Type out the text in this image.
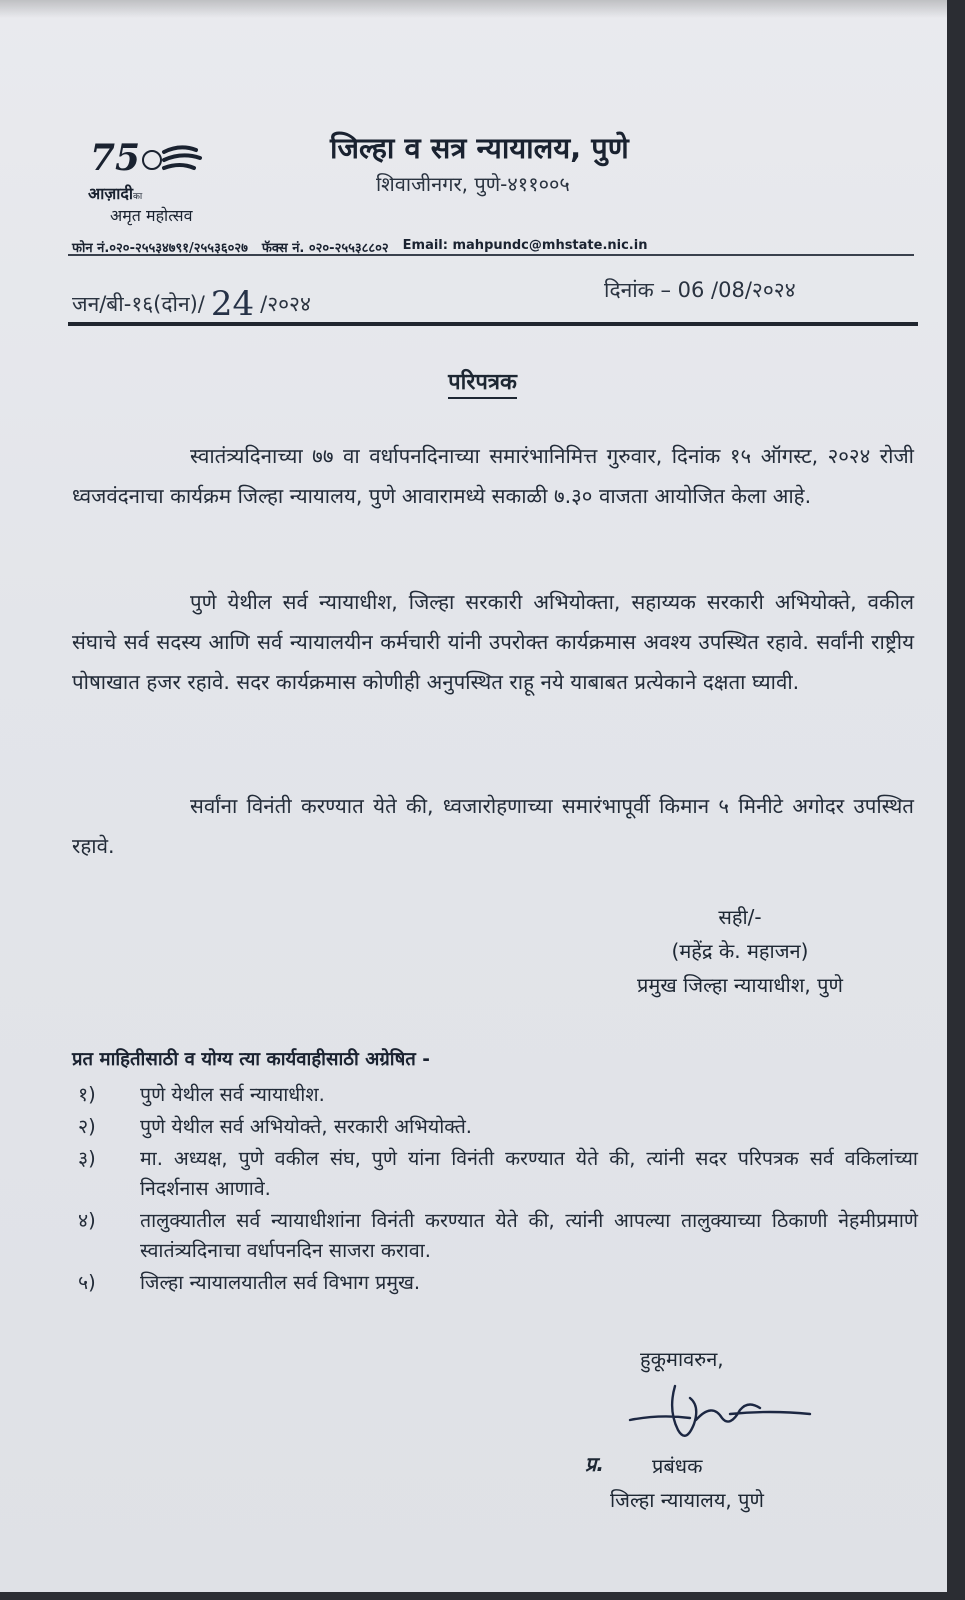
75
आज़ादीका
अमृत महोत्सव
जिल्हा व सत्र न्यायालय, पुणे
शिवाजीनगर, पुणे-४११००५
फोन नं.०२०-२५५३४७९१/२५५३६०२७ फॅक्स नं. ०२०-२५५३८८०२ Email: mahpundc@mhstate.nic.in
जन/बी-१६(दोन)/ 24 /२०२४
दिनांक – 06 /08/२०२४
परिपत्रक

स्वातंत्र्यदिनाच्या ७७ वा वर्धापनदिनाच्या समारंभानिमित्त गुरुवार, दिनांक १५ ऑगस्ट, २०२४ रोजी ध्वजवंदनाचा कार्यक्रम जिल्हा न्यायालय, पुणे आवारामध्ये सकाळी ७.३० वाजता आयोजित केला आहे.

पुणे येथील सर्व न्यायाधीश, जिल्हा सरकारी अभियोक्ता, सहाय्यक सरकारी अभियोक्ते, वकील संघाचे सर्व सदस्य आणि सर्व न्यायालयीन कर्मचारी यांनी उपरोक्त कार्यक्रमास अवश्य उपस्थित रहावे. सर्वांनी राष्ट्रीय पोषाखात हजर रहावे. सदर कार्यक्रमास कोणीही अनुपस्थित राहू नये याबाबत प्रत्येकाने दक्षता घ्यावी.

सर्वांना विनंती करण्यात येते की, ध्वजारोहणाच्या समारंभापूर्वी किमान ५ मिनीटे अगोदर उपस्थित रहावे.

सही/-
(महेंद्र के. महाजन)
प्रमुख जिल्हा न्यायाधीश, पुणे
प्रत माहितीसाठी व योग्य त्या कार्यवाहीसाठी अग्रेषित -
१)	पुणे येथील सर्व न्यायाधीश.
२)	पुणे येथील सर्व अभियोक्ते, सरकारी अभियोक्ते.
३)	मा. अध्यक्ष, पुणे वकील संघ, पुणे यांना विनंती करण्यात येते की, त्यांनी सदर परिपत्रक सर्व वकिलांच्या निदर्शनास आणावे.
४)	तालुक्यातील सर्व न्यायाधीशांना विनंती करण्यात येते की, त्यांनी आपल्या तालुक्याच्या ठिकाणी नेहमीप्रमाणे स्वातंत्र्यदिनाचा वर्धापनदिन साजरा करावा.
५)	जिल्हा न्यायालयातील सर्व विभाग प्रमुख.
हुकूमावरुन,
प्र. प्रबंधक
जिल्हा न्यायालय, पुणे
